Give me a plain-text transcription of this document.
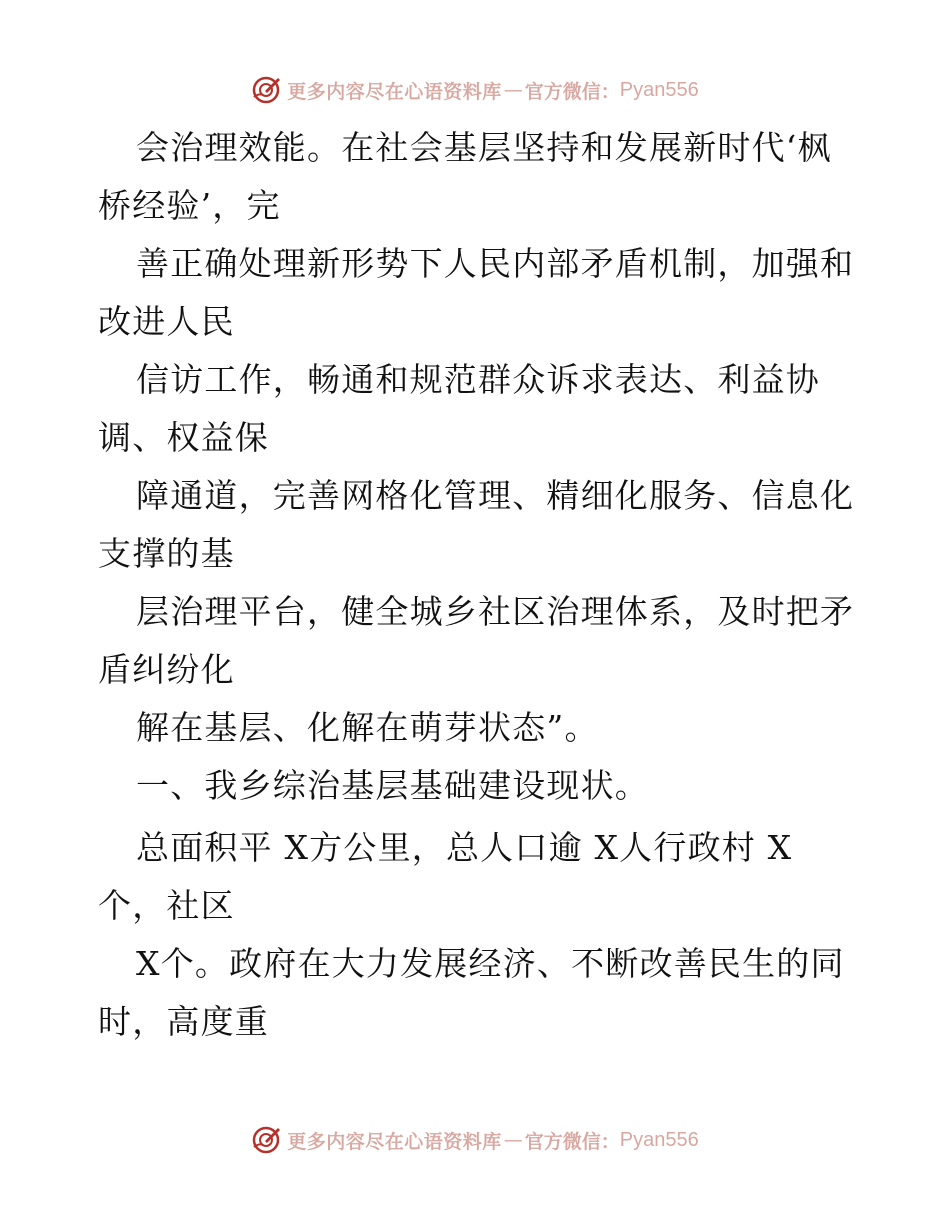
更多内容尽在心语资料库 — 官方微信： Pyan556
会治理效能。在社会基层坚持和发展新时代‘枫
桥经验’，完
善正确处理新形势下人民内部矛盾机制，加强和
改进人民
信访工作，畅通和规范群众诉求表达、利益协
调、权益保
障通道，完善网格化管理、精细化服务、信息化
支撑的基
层治理平台，健全城乡社区治理体系，及时把矛
盾纠纷化
解在基层、化解在萌芽状态”。
一、我乡综治基层基础建设现状。
总面积平 X方公里，总人口逾 X人行政村 X
个，社区
X个。政府在大力发展经济、不断改善民生的同
时，高度重
更多内容尽在心语资料库 — 官方微信： Pyan556
